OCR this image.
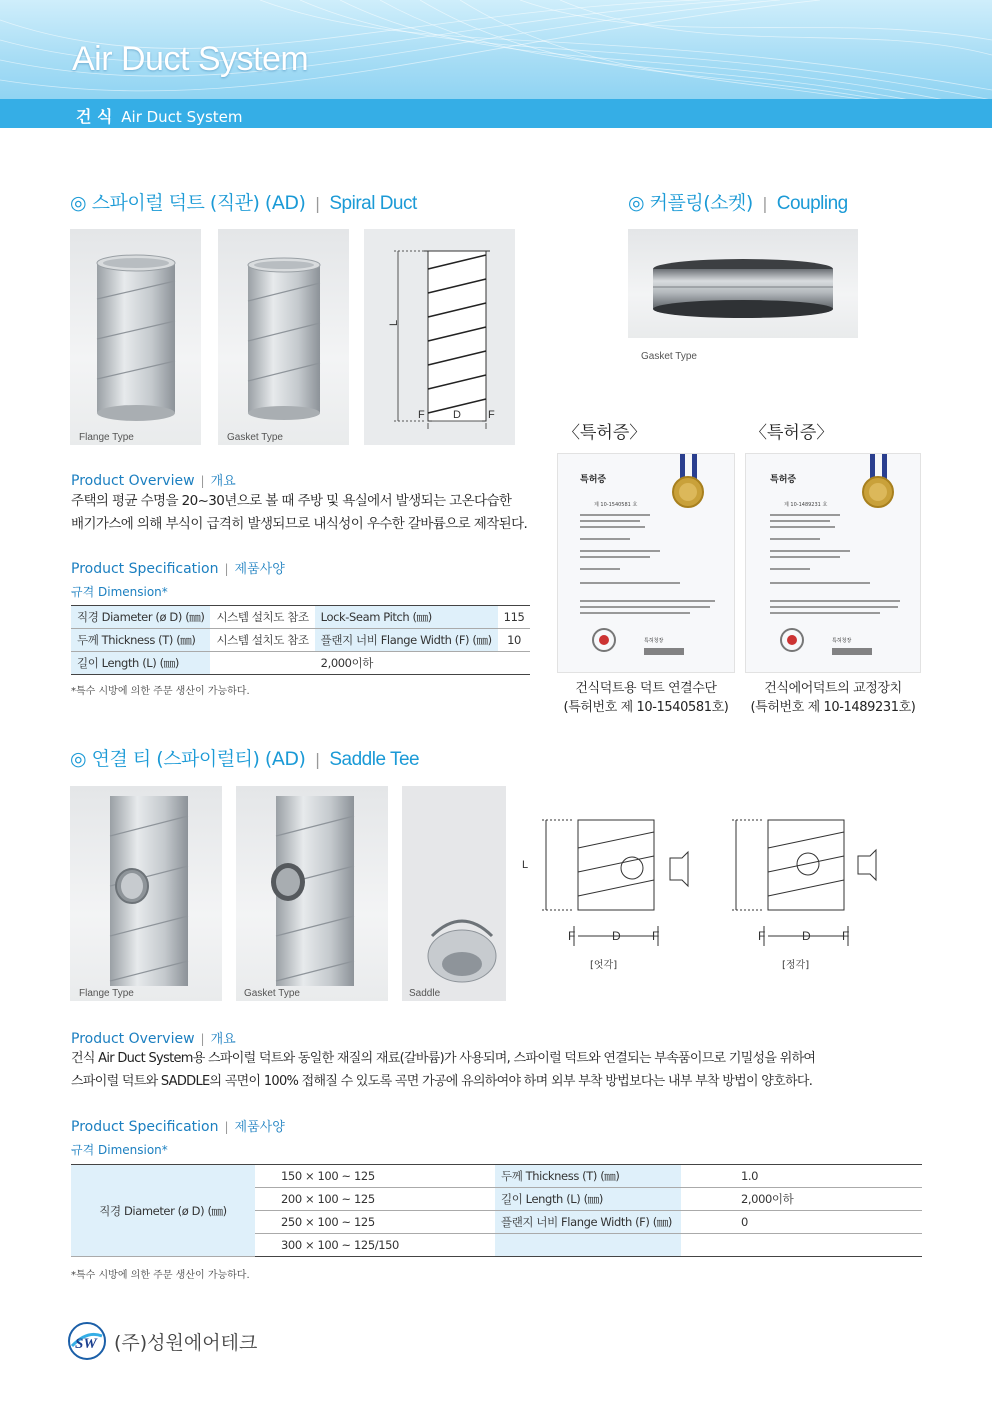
Air Duct System
건 식 Air Duct System
◎ 스파이럴 덕트 (직관) (AD) | Spiral Duct
Flange Type	Gasket Type
L
F	D F
Product Overview | 개요
주택의 평균 수명을 20~30년으로 볼 때 주방 및 욕실에서 발생되는 고온다습한
배기가스에 의해 부식이 급격히 발생되므로 내식성이 우수한 갈바륨으로 제작된다.
Product Specification | 제품사양
규격 Dimension*
직경 Diameter (ø D) (㎜)	시스템 설치도 참조	Lock-Seam Pitch (㎜)	115
두께 Thickness (T) (㎜)	시스템 설치도 참조	플랜지 너비 Flange Width (F) (㎜)	10
길이 Length (L) (㎜)		2,000이하	
*특수 시방에 의한 주문 생산이 가능하다.
◎ 커플링(소켓) | Coupling
Gasket Type
〈특허증〉	〈특허증〉
특허증
제 10-1540581 호
특허청장
특허증
제 10-1489231 호
특허청장
건식덕트용 덕트 연결수단
(특허번호 제 10-1540581호)
건식에어덕트의 교정장치
(특허번호 제 10-1489231호)
◎ 연결 티 (스파이럴티) (AD) | Saddle Tee
Flange Type	Gasket Type
L
F	D	F
[엇각]
F	D	F
[정각]
Saddle
Product Overview | 개요
건식 Air Duct System용 스파이럴 덕트와 동일한 재질의 재료(갈바륨)가 사용되며, 스파이럴 덕트와 연결되는 부속품이므로 기밀성을 위하여
스파이럴 덕트와 SADDLE의 곡면이 100% 접해질 수 있도록 곡면 가공에 유의하여야 하며 외부 부착 방법보다는 내부 부착 방법이 양호하다.
Product Specification | 제품사양
규격 Dimension*
직경 Diameter (ø D) (㎜)	150 × 100 ~ 125	두께 Thickness (T) (㎜)	1.0
	200 × 100 ~ 125	길이 Length (L) (㎜)	2,000이하
	250 × 100 ~ 125	플랜지 너비 Flange Width (F) (㎜)	0
	300 × 100 ~ 125/150		
*특수 시방에 의한 주문 생산이 가능하다.
SW (주)성원에어테크
